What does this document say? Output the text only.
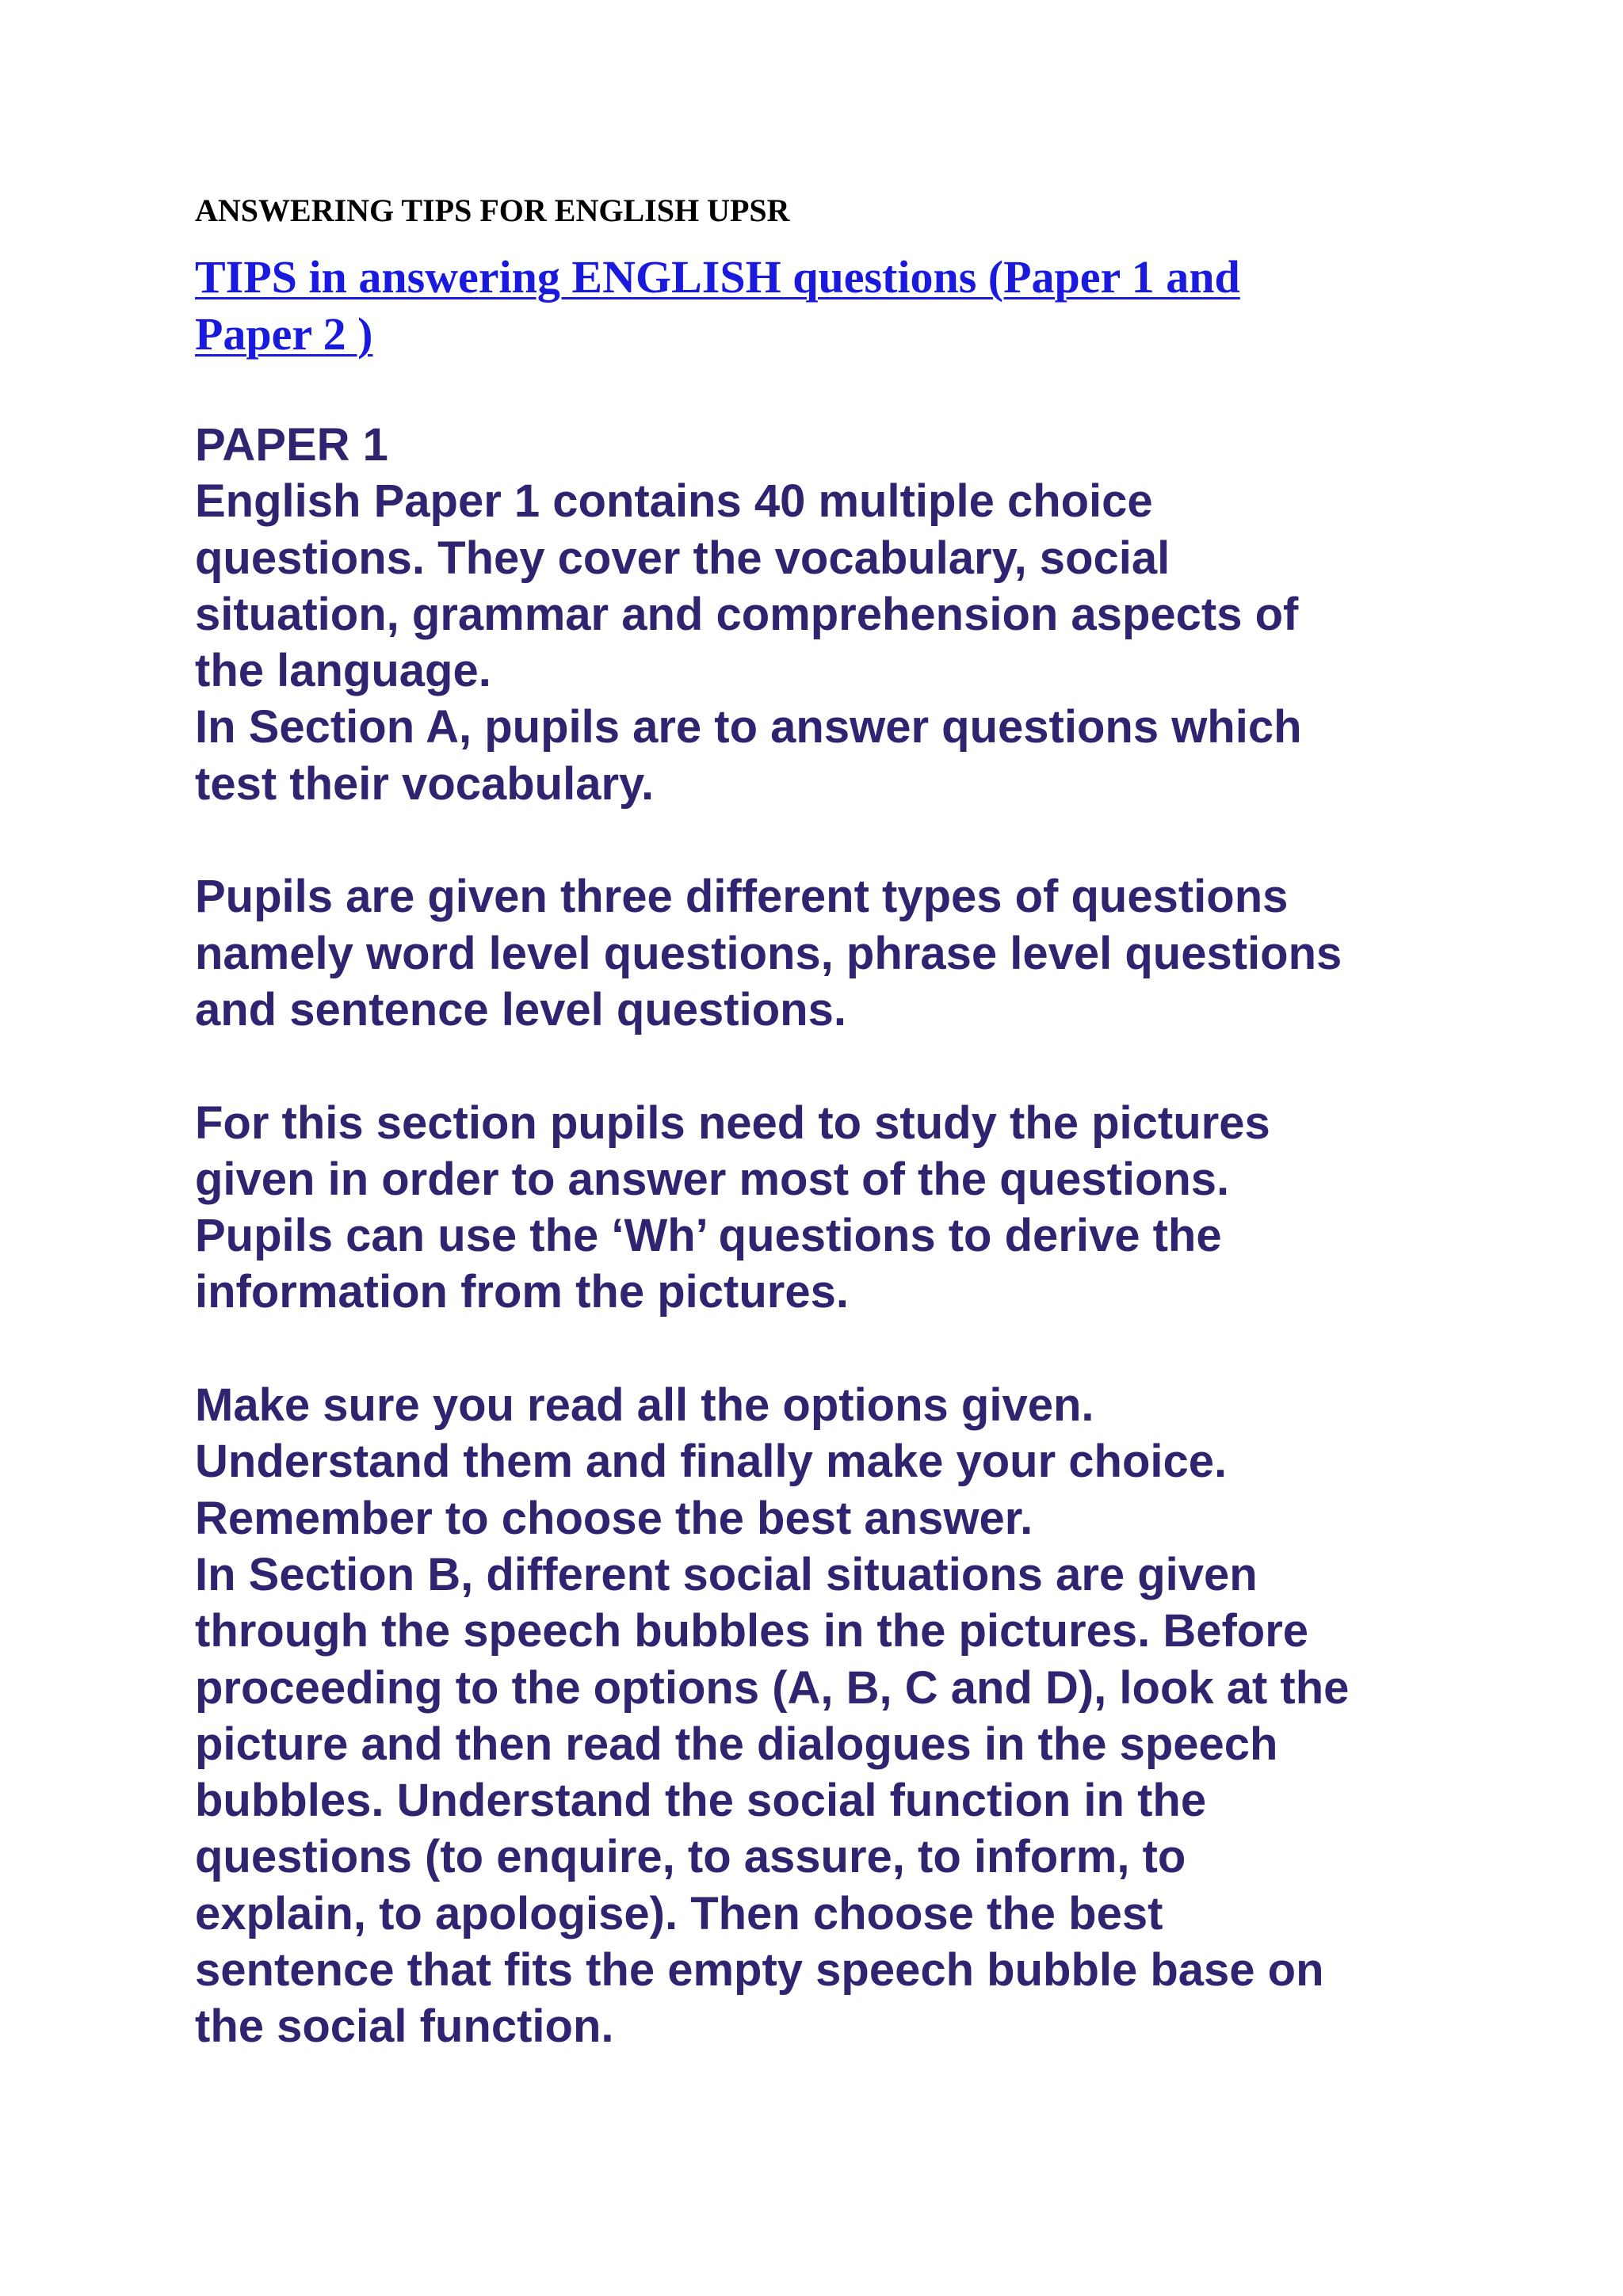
ANSWERING TIPS FOR ENGLISH UPSR

TIPS in answering ENGLISH questions (Paper 1 and
Paper 2 )

PAPER 1

English Paper 1 contains 40 multiple choice
questions. They cover the vocabulary, social
situation, grammar and comprehension aspects of
the language.
In Section A, pupils are to answer questions which
test their vocabulary.

Pupils are given three different types of questions
namely word level questions, phrase level questions
and sentence level questions.

For this section pupils need to study the pictures
given in order to answer most of the questions.
Pupils can use the ‘Wh’ questions to derive the
information from the pictures.

Make sure you read all the options given.
Understand them and finally make your choice.
Remember to choose the best answer.
In Section B, different social situations are given
through the speech bubbles in the pictures. Before
proceeding to the options (A, B, C and D), look at the
picture and then read the dialogues in the speech
bubbles. Understand the social function in the
questions (to enquire, to assure, to inform, to
explain, to apologise). Then choose the best
sentence that fits the empty speech bubble base on
the social function.
